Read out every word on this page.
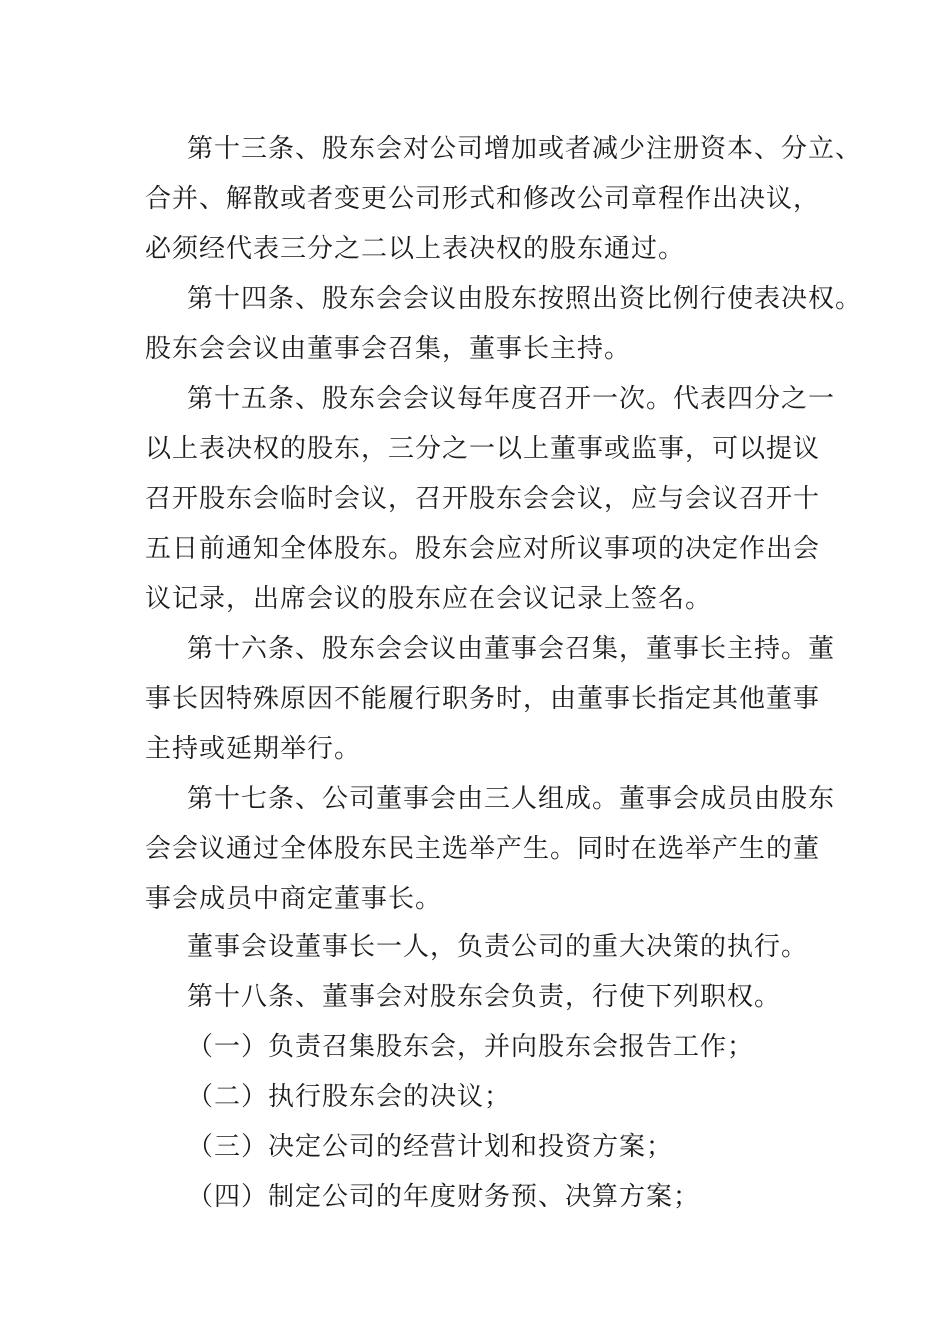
第十三条、股东会对公司增加或者减少注册资本、分立、

合并、解散或者变更公司形式和修改公司章程作出决议，

必须经代表三分之二以上表决权的股东通过。

第十四条、股东会会议由股东按照出资比例行使表决权。

股东会会议由董事会召集，董事长主持。

第十五条、股东会会议每年度召开一次。代表四分之一

以上表决权的股东，三分之一以上董事或监事，可以提议

召开股东会临时会议，召开股东会会议，应与会议召开十

五日前通知全体股东。股东会应对所议事项的决定作出会

议记录，出席会议的股东应在会议记录上签名。

第十六条、股东会会议由董事会召集，董事长主持。董

事长因特殊原因不能履行职务时，由董事长指定其他董事

主持或延期举行。

第十七条、公司董事会由三人组成。董事会成员由股东

会会议通过全体股东民主选举产生。同时在选举产生的董

事会成员中商定董事长。

董事会设董事长一人，负责公司的重大决策的执行。

第十八条、董事会对股东会负责，行使下列职权。

（一）负责召集股东会，并向股东会报告工作；

（二）执行股东会的决议；

（三）决定公司的经营计划和投资方案；

（四）制定公司的年度财务预、决算方案；
